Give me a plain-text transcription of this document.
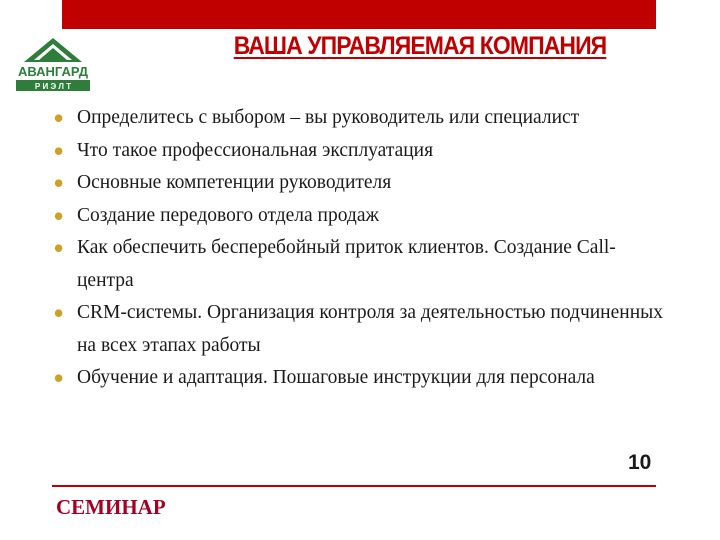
АВАНГАРД
Р И Э Л Т
ВАША УПРАВЛЯЕМАЯ КОМПАНИЯ
• Определитесь с выбором – вы руководитель или специалист
• Что такое профессиональная эксплуатация
• Основные компетенции руководителя
• Создание передового отдела продаж
• Как обеспечить бесперебойный приток клиентов. Создание Call-центра
• CRM-системы. Организация контроля за деятельностью подчиненных на всех этапах работы
• Обучение и адаптация. Пошаговые инструкции для персонала
10
СЕМИНАР
